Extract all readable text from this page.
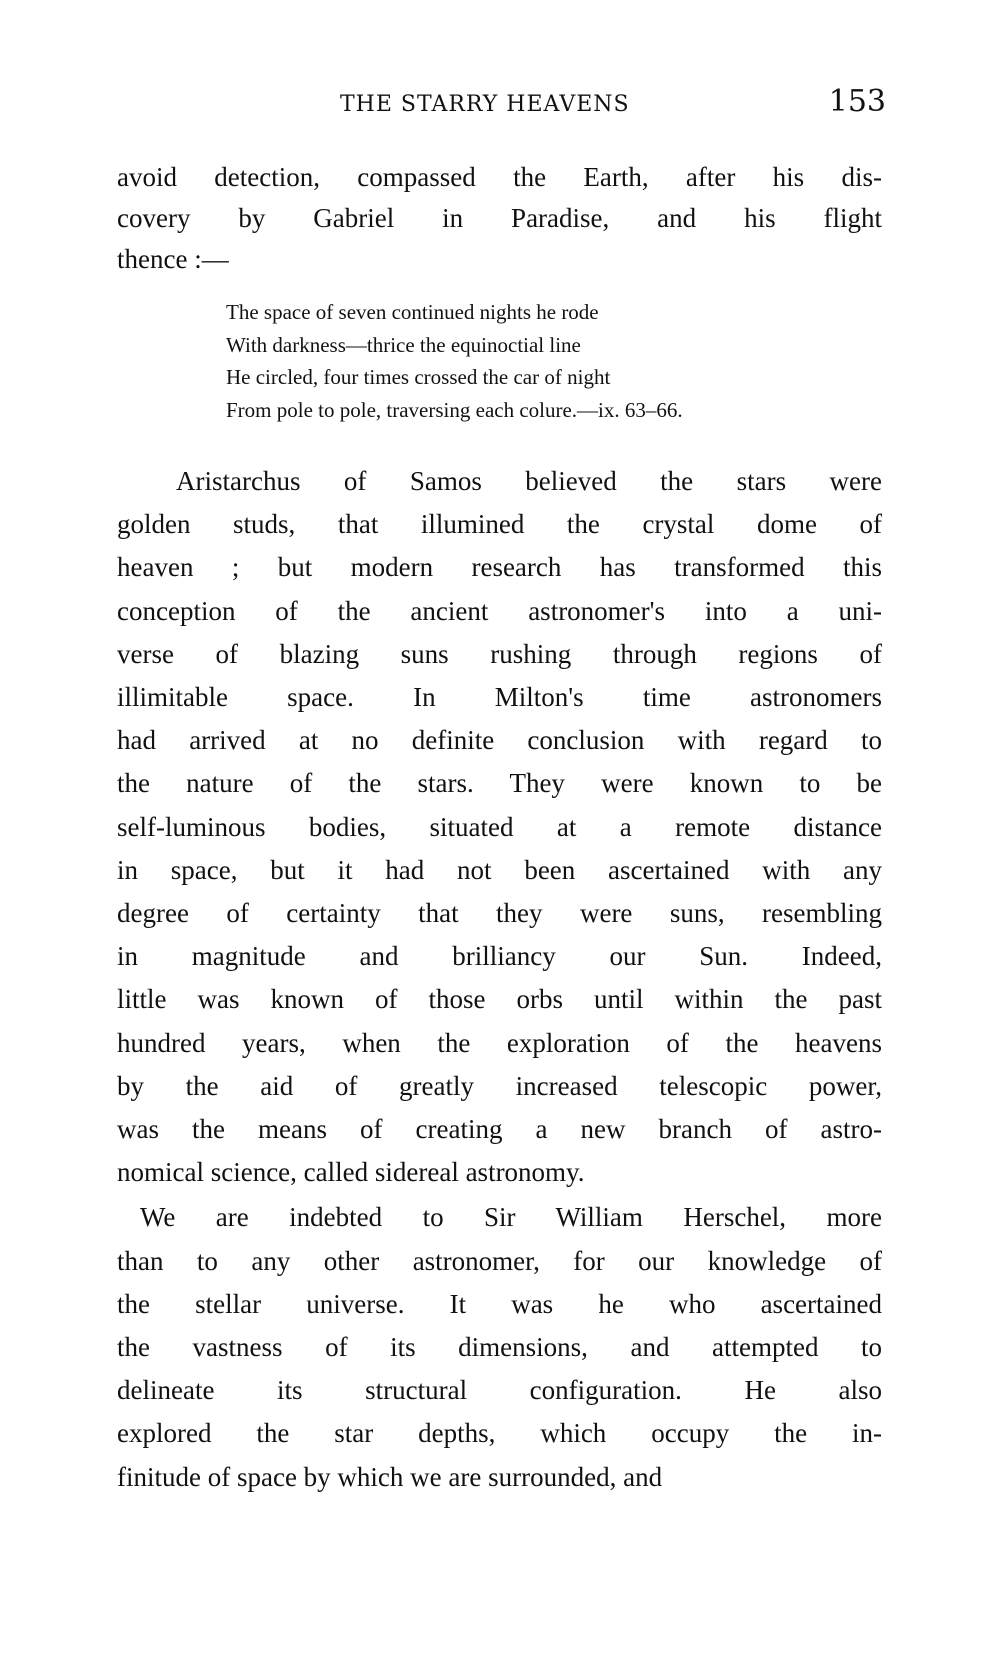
THE STARRY HEAVENS	153
avoid detection, compassed the Earth, after his dis-
covery by Gabriel in Paradise, and his flight
thence :—
The space of seven continued nights he rode
With darkness—thrice the equinoctial line
He circled, four times crossed the car of night
From pole to pole, traversing each colure.—ix. 63–66.
Aristarchus of Samos believed the stars were
golden studs, that illumined the crystal dome of
heaven ; but modern research has transformed this
conception of the ancient astronomer's into a uni-
verse of blazing suns rushing through regions of
illimitable space. In Milton's time astronomers
had arrived at no definite conclusion with regard to
the nature of the stars. They were known to be
self-luminous bodies, situated at a remote distance
in space, but it had not been ascertained with any
degree of certainty that they were suns, resembling
in magnitude and brilliancy our Sun. Indeed,
little was known of those orbs until within the past
hundred years, when the exploration of the heavens
by the aid of greatly increased telescopic power,
was the means of creating a new branch of astro-
nomical science, called sidereal astronomy.
We are indebted to Sir William Herschel, more
than to any other astronomer, for our knowledge of
the stellar universe. It was he who ascertained
the vastness of its dimensions, and attempted to
delineate its structural configuration. He also
explored the star depths, which occupy the in-
finitude of space by which we are surrounded, and
